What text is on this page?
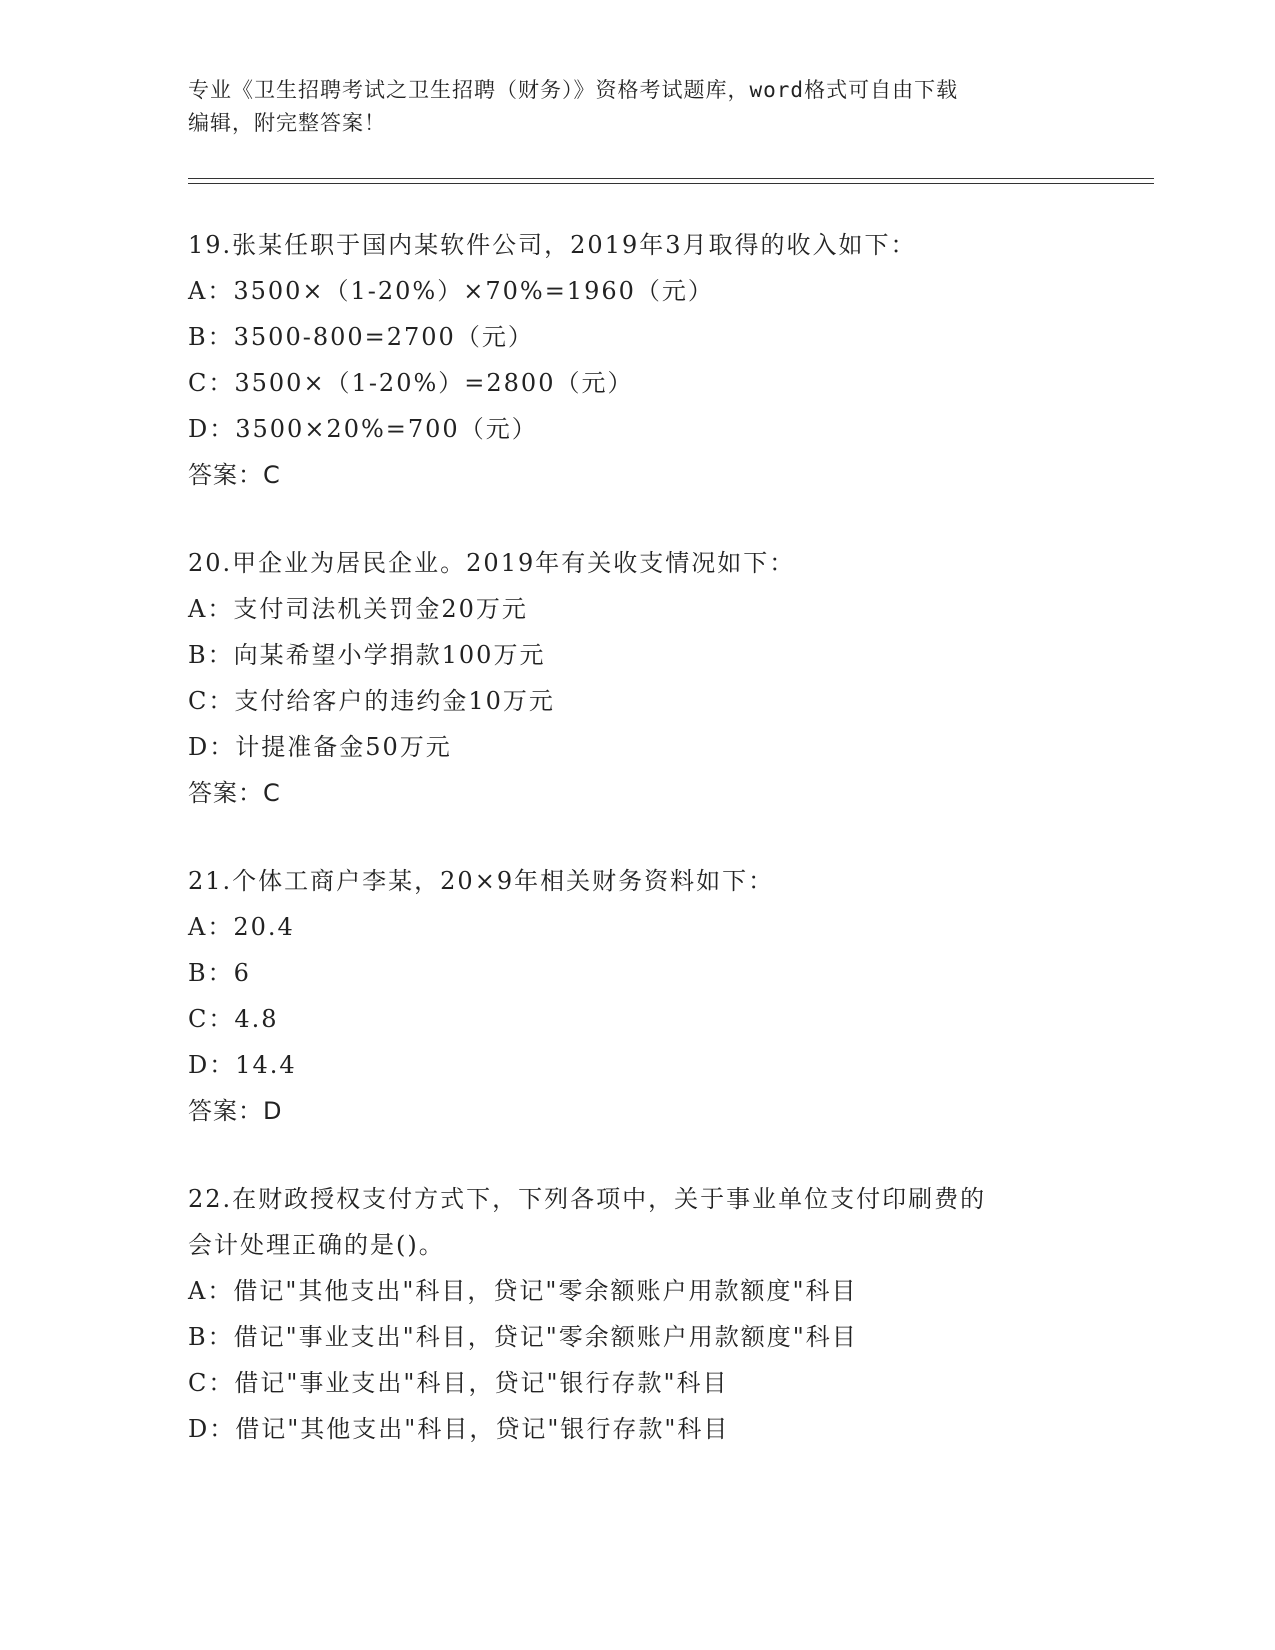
专业《卫生招聘考试之卫生招聘（财务）》资格考试题库，word格式可自由下载
编辑，附完整答案！
19.张某任职于国内某软件公司，2019年3月取得的收入如下：
A：3500×（1-20%）×70%=1960（元）
B：3500-800=2700（元）
C：3500×（1-20%）=2800（元）
D：3500×20%=700（元）
答案：C
20.甲企业为居民企业。2019年有关收支情况如下：
A：支付司法机关罚金20万元
B：向某希望小学捐款100万元
C：支付给客户的违约金10万元
D：计提准备金50万元
答案：C
21.个体工商户李某，20×9年相关财务资料如下：
A：20.4
B：6
C：4.8
D：14.4
答案：D
22.在财政授权支付方式下，下列各项中，关于事业单位支付印刷费的
会计处理正确的是()。
A：借记"其他支出"科目，贷记"零余额账户用款额度"科目
B：借记"事业支出"科目，贷记"零余额账户用款额度"科目
C：借记"事业支出"科目，贷记"银行存款"科目
D：借记"其他支出"科目，贷记"银行存款"科目
